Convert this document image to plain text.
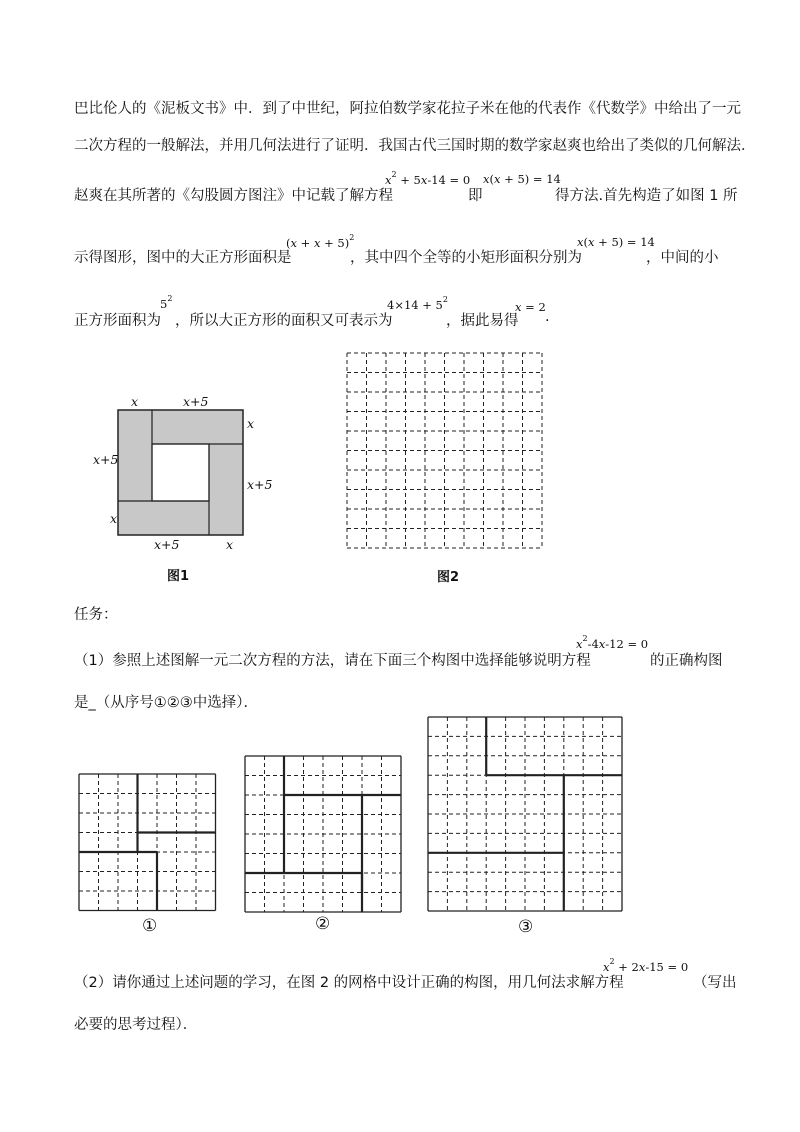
巴比伦人的《泥板文书》中．到了中世纪，阿拉伯数学家花拉子米在他的代表作《代数学》中给出了一元
二次方程的一般解法，并用几何法进行了证明．我国古代三国时期的数学家赵爽也给出了类似的几何解法．
赵爽在其所著的《勾股圆方图注》中记载了解方程
$x^2 + 5x-14 = 0$
即
x(x + 5) = 14
得方法.首先构造了如图 1 所
示得图形，图中的大正方形面积是
$(x + x + 5)^2$
，其中四个全等的小矩形面积分别为
x(x + 5) = 14
，中间的小
正方形面积为
$5^2$
，所以大正方形的面积又可表示为
$4\times 14 + 5^2$
，据此易得
x = 2
.
x	x+5
x
x+5
x+5
x
x+5	x
图1	图2
任务：
（1）参照上述图解一元二次方程的方法，请在下面三个构图中选择能够说明方程
$x^2-4x-12 = 0$
的正确构图
是_（从序号①②③中选择）．
①	②	③
（2）请你通过上述问题的学习，在图 2 的网格中设计正确的构图，用几何法求解方程
$x^2 + 2x-15 = 0$
（写出
必要的思考过程）．
